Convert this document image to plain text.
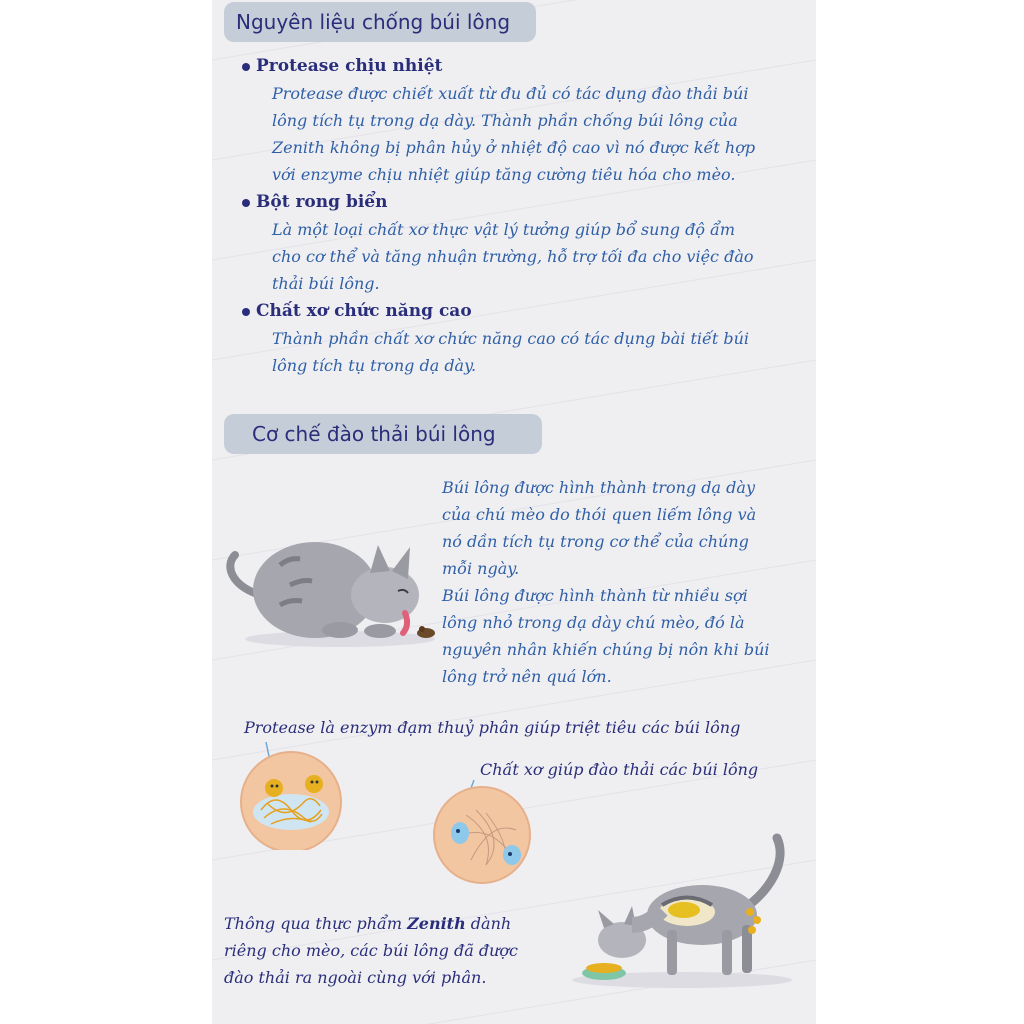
Nguyên liệu chống búi lông
Protease chịu nhiệt
Protease được chiết xuất từ đu đủ có tác dụng đào thải búi
lông tích tụ trong dạ dày. Thành phần chống búi lông của
Zenith không bị phân hủy ở nhiệt độ cao vì nó được kết hợp
với enzyme chịu nhiệt giúp tăng cường tiêu hóa cho mèo.
Bột rong biển
Là một loại chất xơ thực vật lý tưởng giúp bổ sung độ ẩm
cho cơ thể và tăng nhuận trường, hỗ trợ tối đa cho việc đào
thải búi lông.
Chất xơ chức năng cao
Thành phần chất xơ chức năng cao có tác dụng bài tiết búi
lông tích tụ trong dạ dày.
Cơ chế đào thải búi lông
Búi lông được hình thành trong dạ dày
của chú mèo do thói quen liếm lông và
nó dần tích tụ trong cơ thể của chúng
mỗi ngày.
Búi lông được hình thành từ nhiều sợi
lông nhỏ trong dạ dày chú mèo, đó là
nguyên nhân khiến chúng bị nôn khi búi
lông trở nên quá lớn.
Protease là enzym đạm thuỷ phân giúp triệt tiêu các búi lông
Chất xơ giúp đào thải các búi lông
Thông qua thực phẩm Zenith dành
riêng cho mèo, các búi lông đã được
đào thải ra ngoài cùng với phân.
